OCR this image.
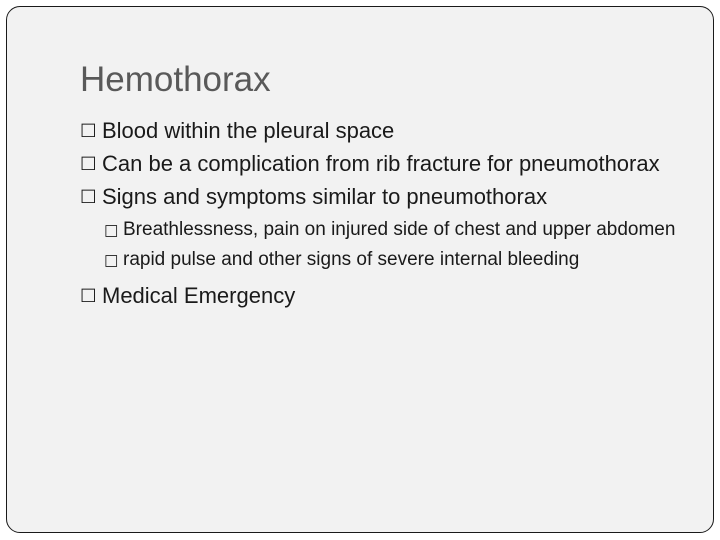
Hemothorax
□ Blood within the pleural space
□ Can be a complication from rib fracture for pneumothorax
□ Signs and symptoms similar to pneumothorax
□ Breathlessness, pain on injured side of chest and upper abdomen
□ rapid pulse and other signs of severe internal bleeding
□ Medical Emergency
